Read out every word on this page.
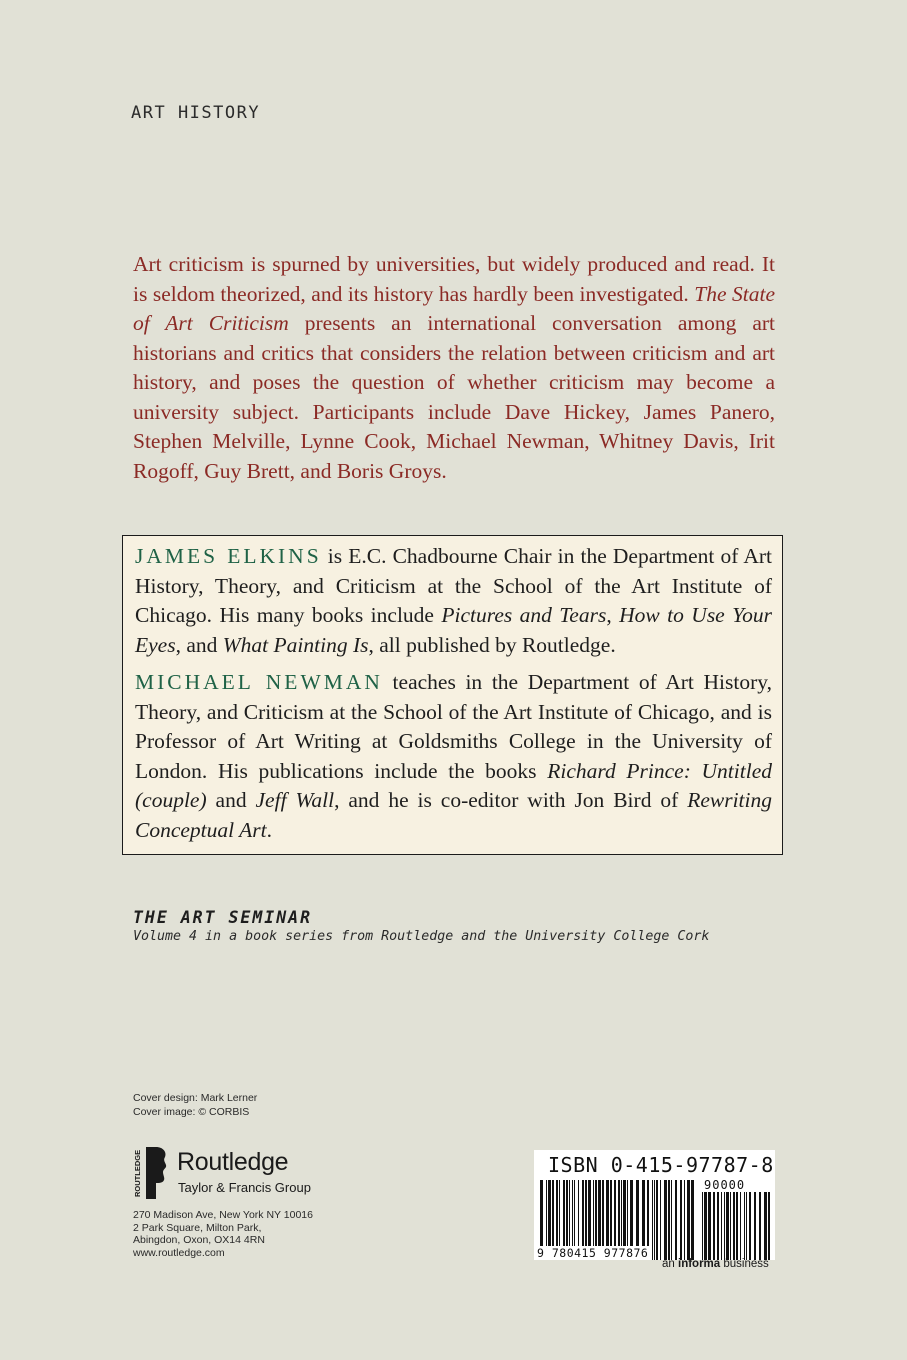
ART HISTORY

Art criticism is spurned by universities, but widely produced and read. It is seldom theorized, and its history has hardly been investigated. The State of Art Criticism presents an international conversation among art historians and critics that considers the relation between criticism and art history, and poses the question of whether criticism may become a university subject. Participants include Dave Hickey, James Panero, Stephen Melville, Lynne Cook, Michael Newman, Whitney Davis, Irit Rogoff, Guy Brett, and Boris Groys.

JAMES ELKINS is E.C. Chadbourne Chair in the Department of Art History, Theory, and Criticism at the School of the Art Institute of Chicago. His many books include Pictures and Tears, How to Use Your Eyes, and What Painting Is, all published by Routledge.

MICHAEL NEWMAN teaches in the Department of Art History, Theory, and Criticism at the School of the Art Institute of Chicago, and is Professor of Art Writing at Goldsmiths College in the University of London. His publications include the books Richard Prince: Untitled (couple) and Jeff Wall, and he is co-editor with Jon Bird of Rewriting Conceptual Art.

THE ART SEMINAR
Volume 4 in a book series from Routledge and the University College Cork
Cover design: Mark Lerner
Cover image: © CORBIS
ROUTLEDGE Routledge
Taylor & Francis Group
270 Madison Ave, New York NY 10016
2 Park Square, Milton Park,
Abingdon, Oxon, OX14 4RN
www.routledge.com
ISBN 0-415-97787-8
90000
9 780415 977876
an informa business
